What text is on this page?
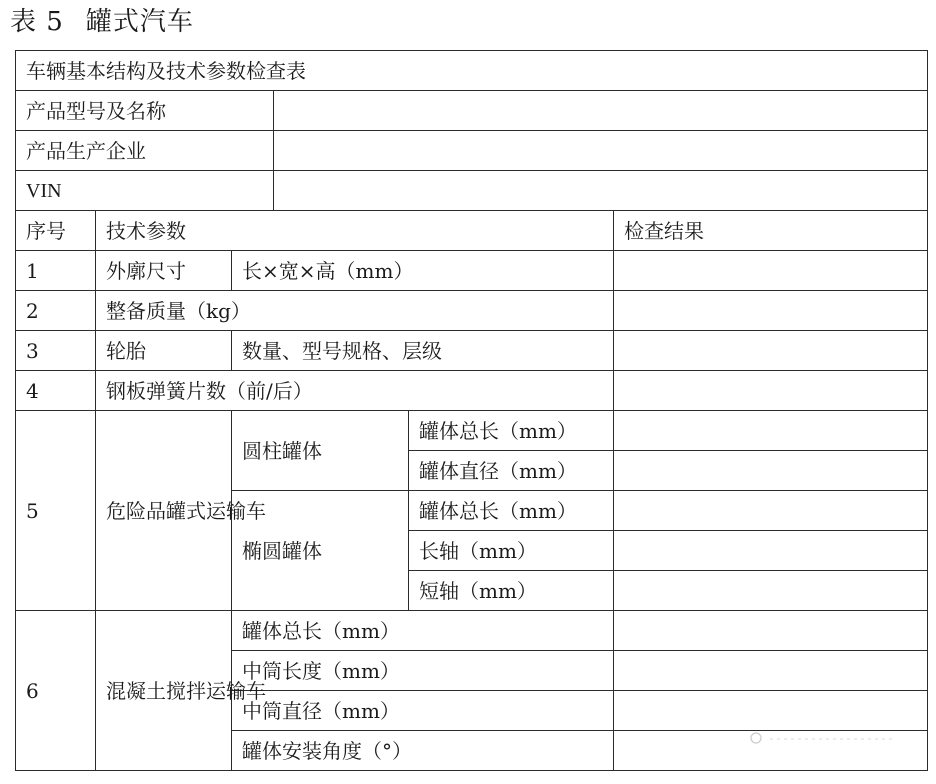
表 5 罐式汽车
车辆基本结构及技术参数检查表					
产品型号及名称					
产品生产企业					
VIN					
序号	技术参数				检查结果
1	外廓尺寸	长×宽×高（mm）			
2	整备质量（kg）				
3	轮胎	数量、型号规格、层级			
4	钢板弹簧片数（前/后）				
5	危险品罐式运输车	圆柱罐体		罐体总长（mm）	
				罐体直径（mm）	
		椭圆罐体		罐体总长（mm）	
				长轴（mm）	
				短轴（mm）	
6	混凝土搅拌运输车	罐体总长（mm）			
		中筒长度（mm）			
		中筒直径（mm）			
		罐体安装角度（°）			
